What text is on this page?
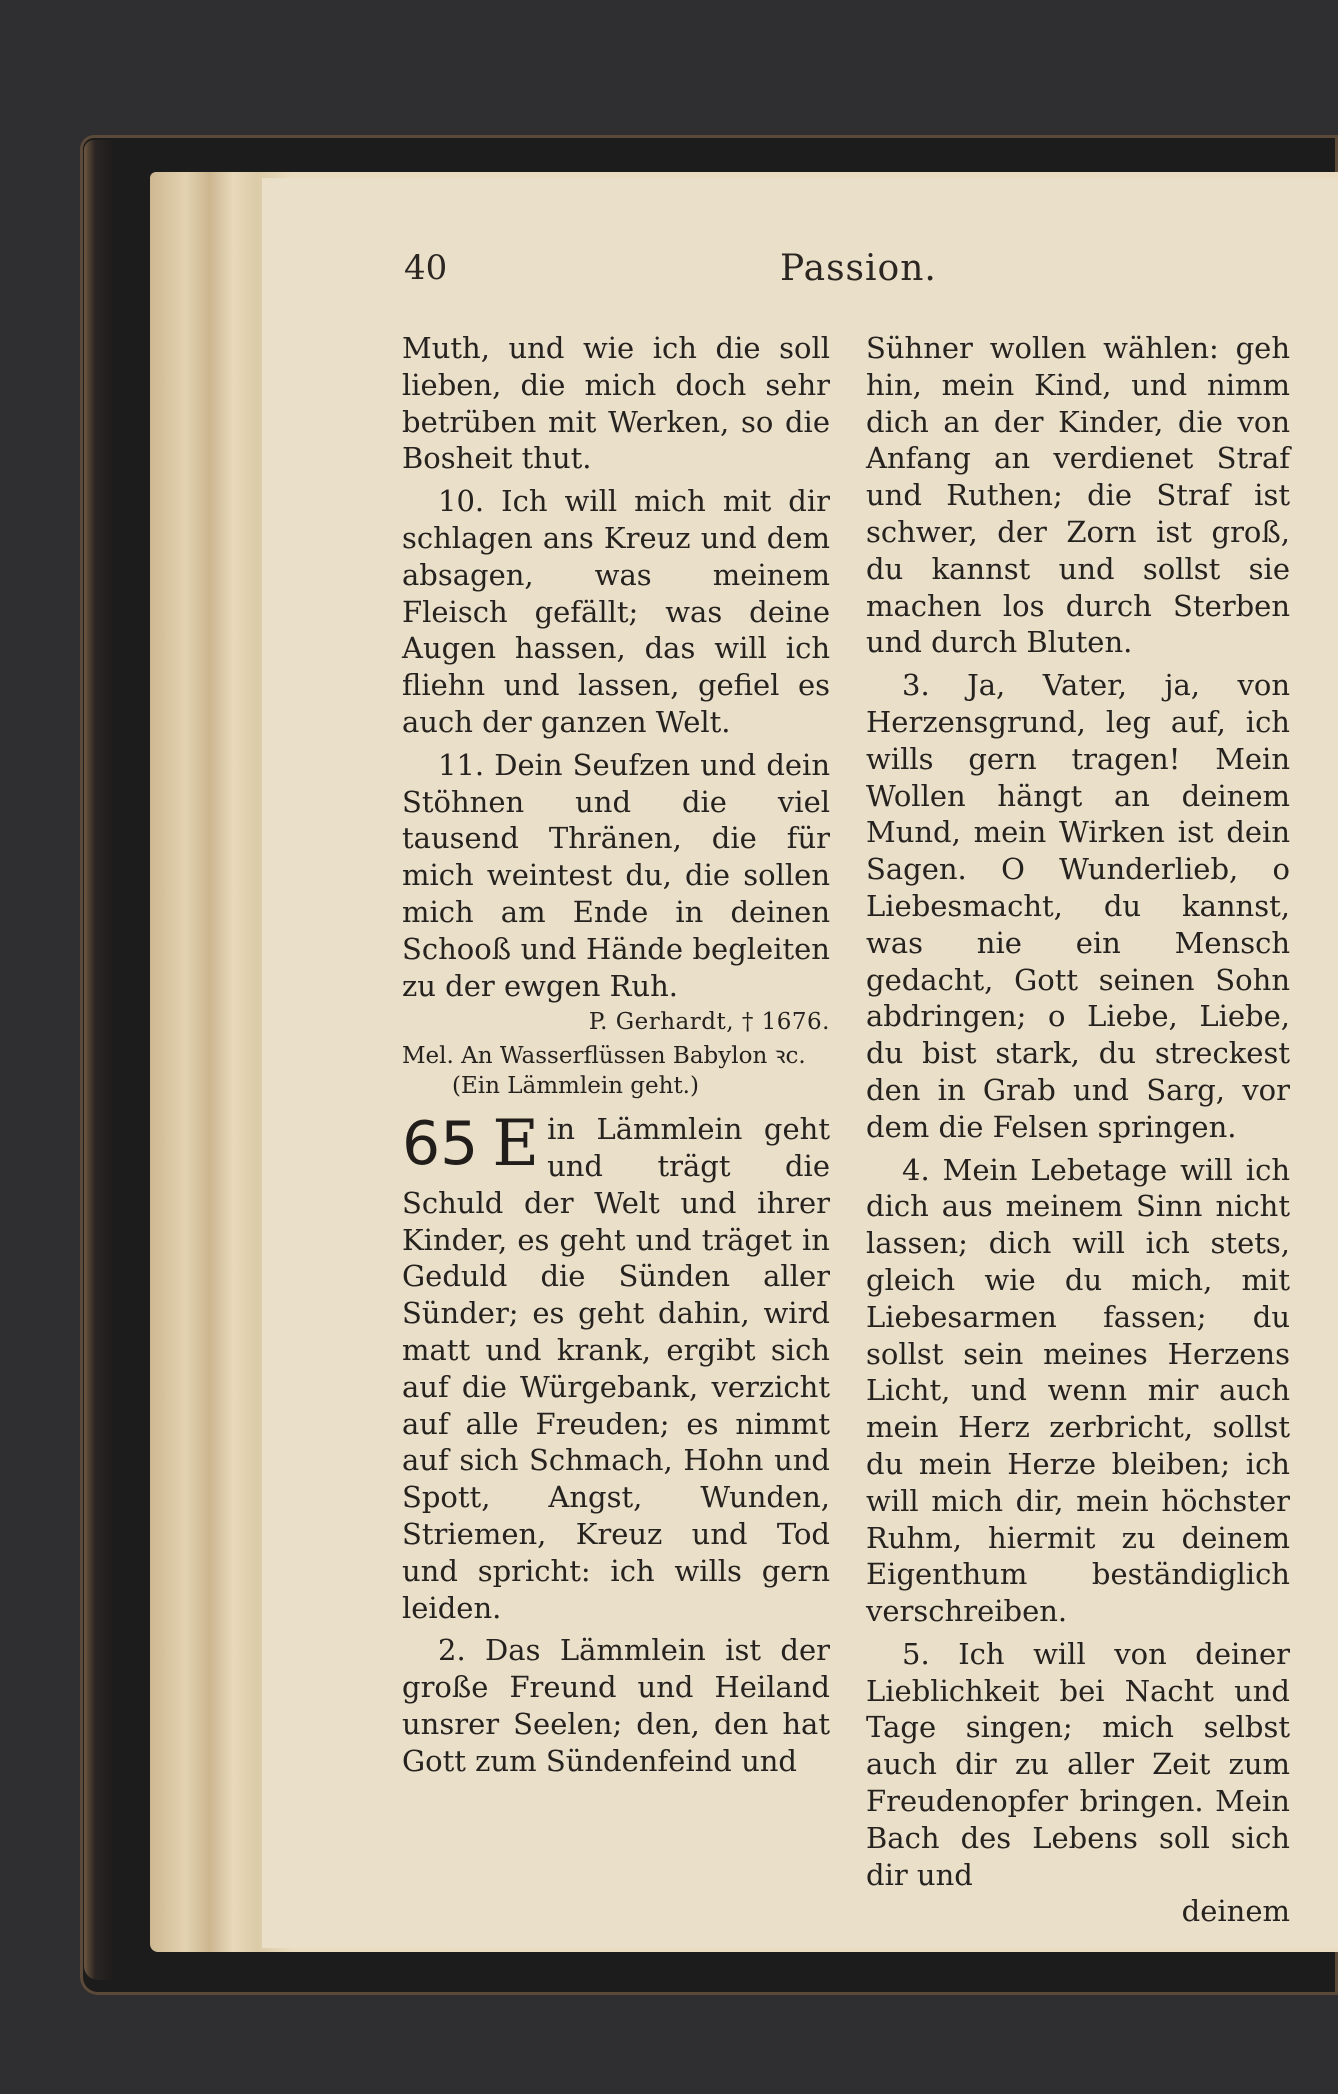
40	Passion.

Muth, und wie ich die soll lieben, die mich doch sehr betrüben mit Werken, so die Bosheit thut.

10. Ich will mich mit dir schlagen ans Kreuz und dem absagen, was meinem Fleisch gefällt; was deine Augen hassen, das will ich fliehn und lassen, gefiel es auch der ganzen Welt.

11. Dein Seufzen und dein Stöhnen und die viel tausend Thränen, die für mich weintest du, die sollen mich am Ende in deinen Schooß und Hände begleiten zu der ewgen Ruh.

P. Gerhardt, † 1676.

Mel. An Wasserflüssen Babylon ꝛc.
(Ein Lämmlein geht.)

65 E in Lämmlein geht und trägt die Schuld der Welt und ihrer Kinder, es geht und träget in Geduld die Sünden aller Sünder; es geht dahin, wird matt und krank, ergibt sich auf die Würgebank, verzicht auf alle Freuden; es nimmt auf sich Schmach, Hohn und Spott, Angst, Wunden, Striemen, Kreuz und Tod und spricht: ich wills gern leiden.

2. Das Lämmlein ist der große Freund und Heiland unsrer Seelen; den, den hat Gott zum Sündenfeind und

Sühner wollen wählen: geh hin, mein Kind, und nimm dich an der Kinder, die von Anfang an verdienet Straf und Ruthen; die Straf ist schwer, der Zorn ist groß, du kannst und sollst sie machen los durch Sterben und durch Bluten.

3. Ja, Vater, ja, von Herzensgrund, leg auf, ich wills gern tragen! Mein Wollen hängt an deinem Mund, mein Wirken ist dein Sagen. O Wunderlieb, o Liebesmacht, du kannst, was nie ein Mensch gedacht, Gott seinen Sohn abdringen; o Liebe, Liebe, du bist stark, du streckest den in Grab und Sarg, vor dem die Felsen springen.

4. Mein Lebetage will ich dich aus meinem Sinn nicht lassen; dich will ich stets, gleich wie du mich, mit Liebesarmen fassen; du sollst sein meines Herzens Licht, und wenn mir auch mein Herz zerbricht, sollst du mein Herze bleiben; ich will mich dir, mein höchster Ruhm, hiermit zu deinem Eigenthum beständiglich verschreiben.

5. Ich will von deiner Lieblichkeit bei Nacht und Tage singen; mich selbst auch dir zu aller Zeit zum Freudenopfer bringen. Mein Bach des Lebens soll sich dir und

deinem
